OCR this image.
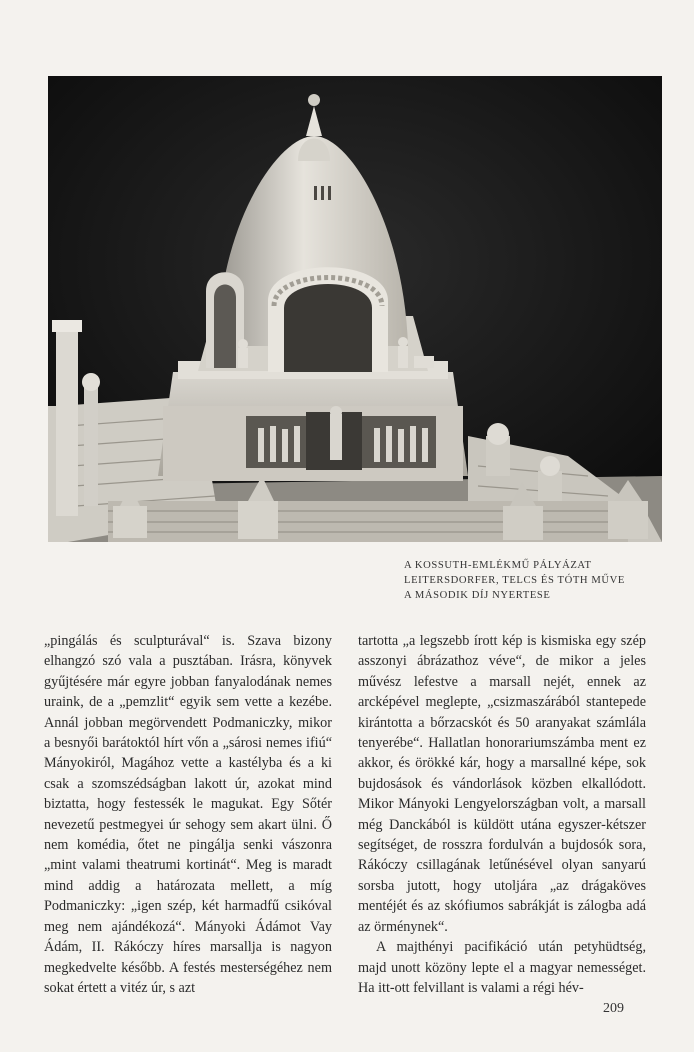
A KOSSUTH-EMLÉKMŰ PÁLYÁZAT
LEITERSDORFER, TELCS ÉS TÓTH MŰVE
A MÁSODIK DÍJ NYERTESE

„pingálás és sculpturával“ is. Szava bizony elhangzó szó vala a pusztában. Irásra, könyvek gyűjtésére már egyre jobban fanyalodának nemes uraink, de a „pemzlit“ egyik sem vette a kezébe. Annál jobban megörvendett Podmaniczky, mikor a besnyői barátoktól hírt vőn a „sárosi nemes ifiú“ Mányokiról, Magához vette a kastélyba és a ki csak a szomszédságban lakott úr, azokat mind biztatta, hogy festessék le magukat. Egy Sőtér nevezetű pestmegyei úr sehogy sem akart ülni. Ő nem komédia, őtet ne pingálja senki vászonra „mint valami theatrumi kortinát“. Meg is maradt mind addig a határozata mellett, a míg Podmaniczky: „igen szép, két harmadfű csikóval meg nem ajándékozá“. Mányoki Ádámot Vay Ádám, II. Rákóczy híres marsallja is nagyon megkedvelte később. A festés mesterségéhez nem sokat értett a vitéz úr, s azt

tartotta „a legszebb írott kép is kismiska egy szép asszonyi ábrázathoz véve“, de mikor a jeles művész lefestve a marsall nejét, ennek az arcképével meglepte, „csizmaszárából stantepede kirántotta a bőrzacskót és 50 aranyakat számlála tenyerébe“. Hallatlan honorariumszámba ment ez akkor, és örökké kár, hogy a marsallné képe, sok bujdosások és vándorlások közben elkallódott. Mikor Mányoki Lengyelországban volt, a marsall még Danckából is küldött utána egyszer-kétszer segítséget, de rosszra fordulván a bujdosók sora, Rákóczy csillagának letűnésével olyan sanyarú sorsba jutott, hogy utoljára „az drágaköves mentéjét és az skófiumos sabrákját is zálogba adá az örménynek“.

A majthényi pacifikáció után petyhüdtség, majd unott közöny lepte el a magyar nemességet. Ha itt-ott felvillant is valami a régi hév-

209
